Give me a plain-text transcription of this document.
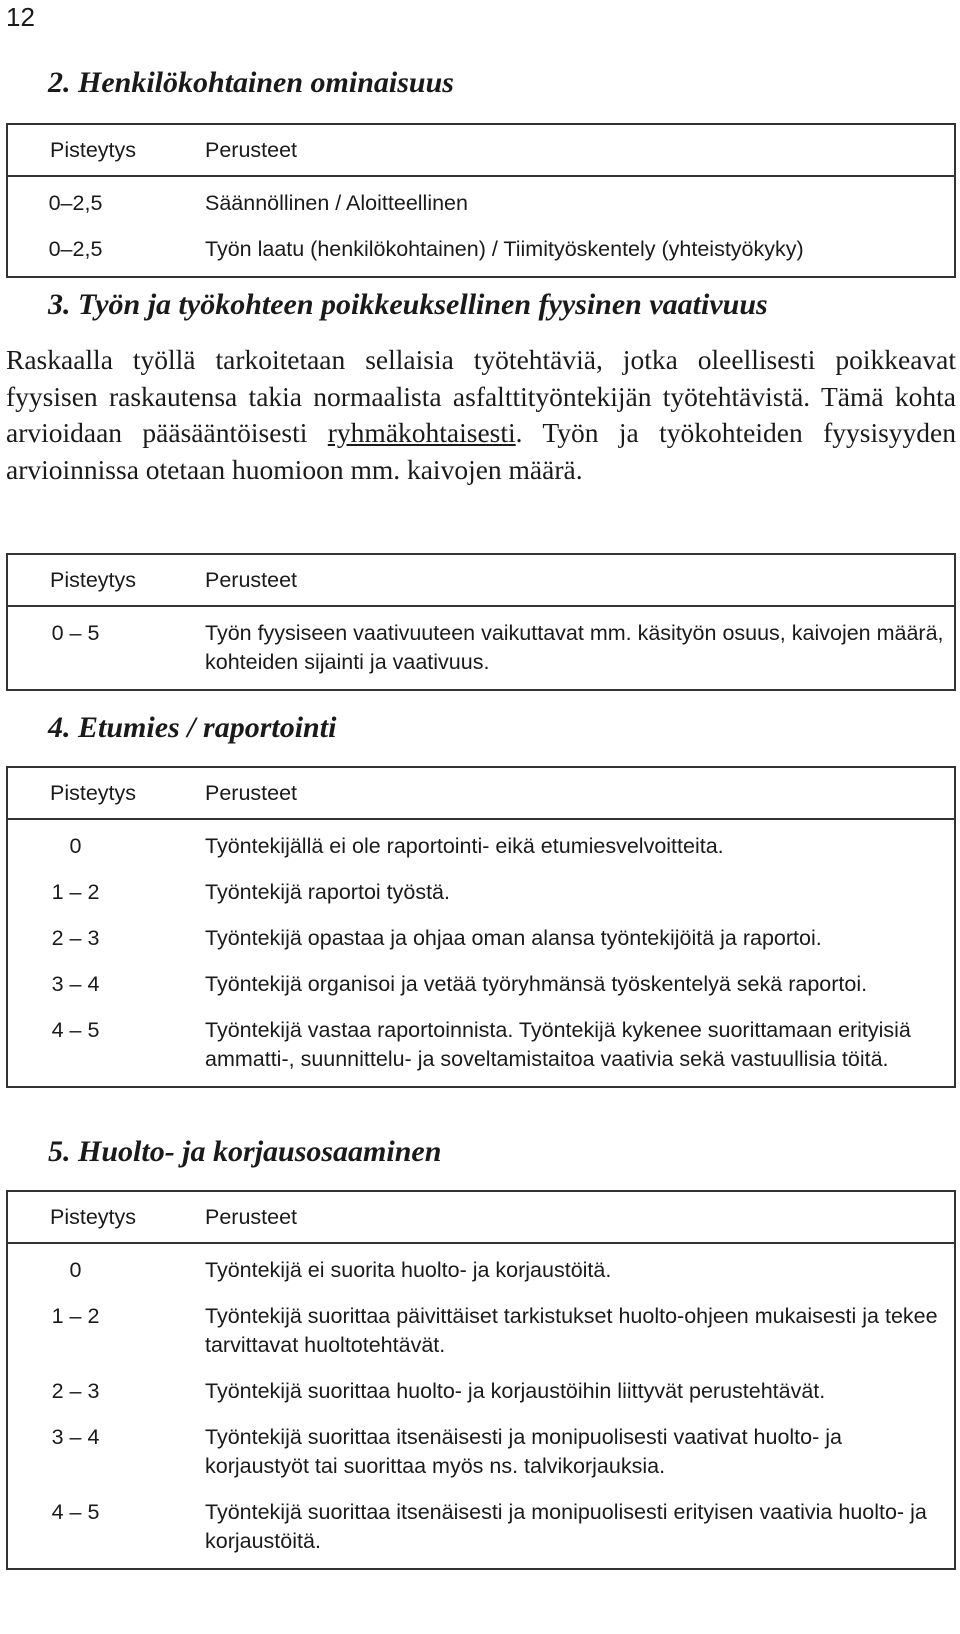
12
2. Henkilökohtainen ominaisuus
Pisteytys	Perusteet
0–2,5	Säännöllinen / Aloitteellinen
0–2,5	Työn laatu (henkilökohtainen) / Tiimityöskentely (yhteistyökyky)
3. Työn ja työkohteen poikkeuksellinen fyysinen vaativuus

Raskaalla työllä tarkoitetaan sellaisia työtehtäviä, jotka oleellisesti poikkeavat fyysisen raskautensa takia normaalista asfalttityöntekijän työtehtävistä. Tämä kohta arvioidaan pääsääntöisesti ryhmäkohtaisesti. Työn ja työkohteiden fyysisyyden arvioinnissa otetaan huomioon mm. kaivojen määrä.

Pisteytys	Perusteet
0 – 5	Työn fyysiseen vaativuuteen vaikuttavat mm. käsityön osuus, kaivojen määrä, kohteiden sijainti ja vaativuus.
4. Etumies / raportointi
Pisteytys	Perusteet
0	Työntekijällä ei ole raportointi- eikä etumiesvelvoitteita.
1 – 2	Työntekijä raportoi työstä.
2 – 3	Työntekijä opastaa ja ohjaa oman alansa työntekijöitä ja raportoi.
3 – 4	Työntekijä organisoi ja vetää työryhmänsä työskentelyä sekä raportoi.
4 – 5	Työntekijä vastaa raportoinnista. Työntekijä kykenee suorittamaan erityisiä ammatti-, suunnittelu- ja soveltamistaitoa vaativia sekä vastuullisia töitä.
5. Huolto- ja korjausosaaminen
Pisteytys	Perusteet
0	Työntekijä ei suorita huolto- ja korjaustöitä.
1 – 2	Työntekijä suorittaa päivittäiset tarkistukset huolto-ohjeen mukaisesti ja tekee tarvittavat huoltotehtävät.
2 – 3	Työntekijä suorittaa huolto- ja korjaustöihin liittyvät perustehtävät.
3 – 4	Työntekijä suorittaa itsenäisesti ja monipuolisesti vaativat huolto- ja korjaustyöt tai suorittaa myös ns. talvikorjauksia.
4 – 5	Työntekijä suorittaa itsenäisesti ja monipuolisesti erityisen vaativia huolto- ja korjaustöitä.
